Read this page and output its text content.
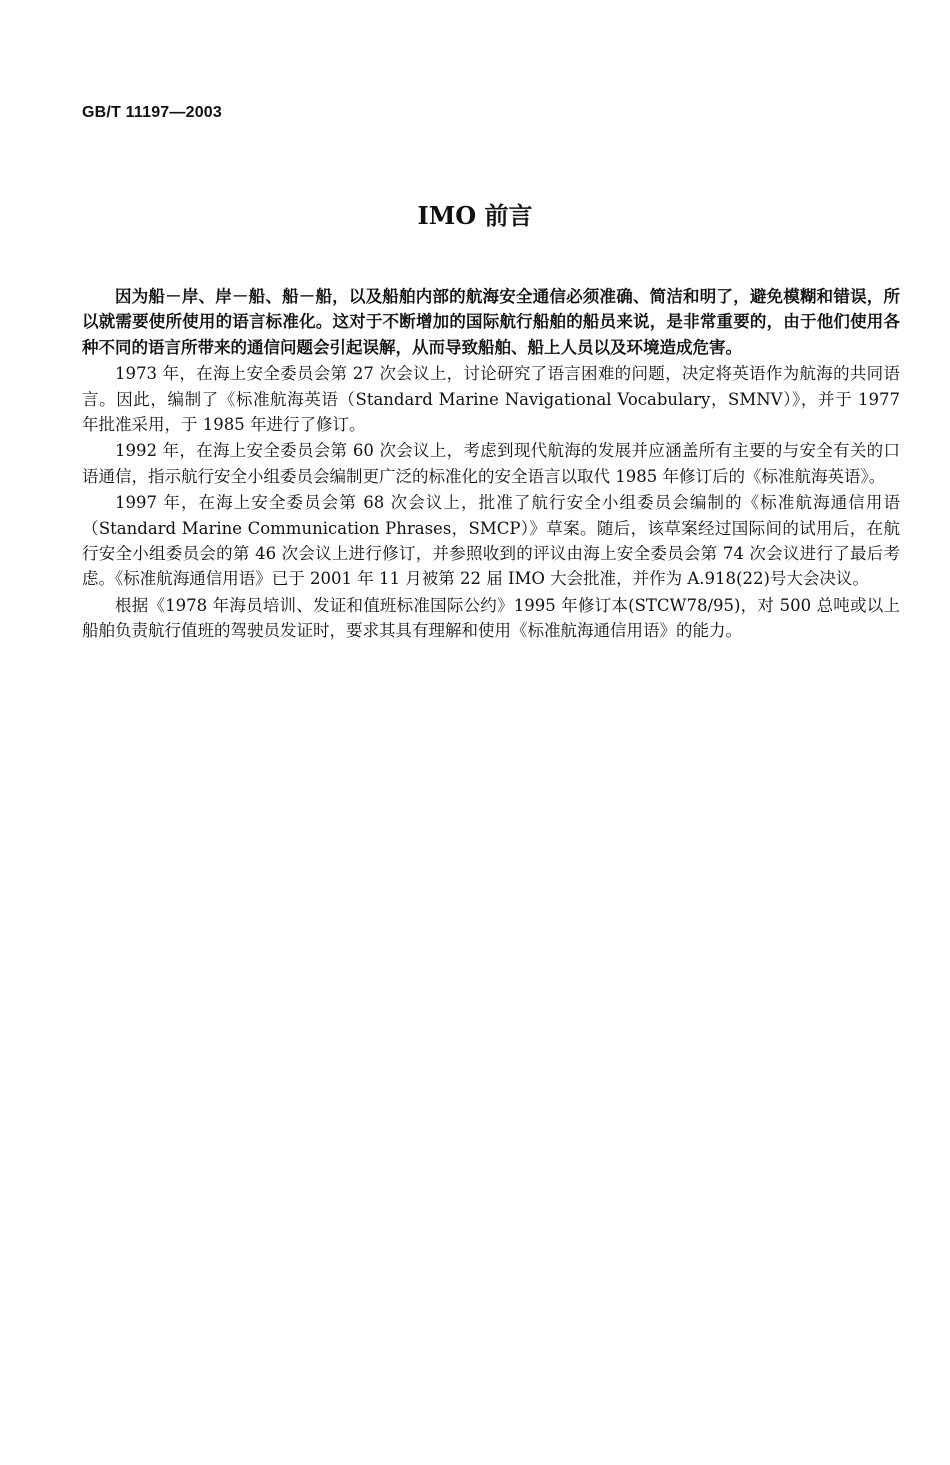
GB/T 11197—2003
IMO 前言

因为船－岸、岸－船、船－船，以及船舶内部的航海安全通信必须准确、简洁和明了，避免模糊和错误，所以就需要使所使用的语言标准化。这对于不断增加的国际航行船舶的船员来说，是非常重要的，由于他们使用各种不同的语言所带来的通信问题会引起误解，从而导致船舶、船上人员以及环境造成危害。

1973 年，在海上安全委员会第 27 次会议上，讨论研究了语言困难的问题，决定将英语作为航海的共同语言。因此，编制了《标准航海英语（Standard Marine Navigational Vocabulary，SMNV）》，并于 1977 年批准采用，于 1985 年进行了修订。

1992 年，在海上安全委员会第 60 次会议上，考虑到现代航海的发展并应涵盖所有主要的与安全有关的口语通信，指示航行安全小组委员会编制更广泛的标准化的安全语言以取代 1985 年修订后的《标准航海英语》。

1997 年，在海上安全委员会第 68 次会议上，批准了航行安全小组委员会编制的《标准航海通信用语（Standard Marine Communication Phrases，SMCP）》草案。随后，该草案经过国际间的试用后，在航行安全小组委员会的第 46 次会议上进行修订，并参照收到的评议由海上安全委员会第 74 次会议进行了最后考虑。《标准航海通信用语》已于 2001 年 11 月被第 22 届 IMO 大会批准，并作为 A.918(22)号大会决议。

根据《1978 年海员培训、发证和值班标准国际公约》1995 年修订本(STCW78/95)，对 500 总吨或以上船舶负责航行值班的驾驶员发证时，要求其具有理解和使用《标准航海通信用语》的能力。
